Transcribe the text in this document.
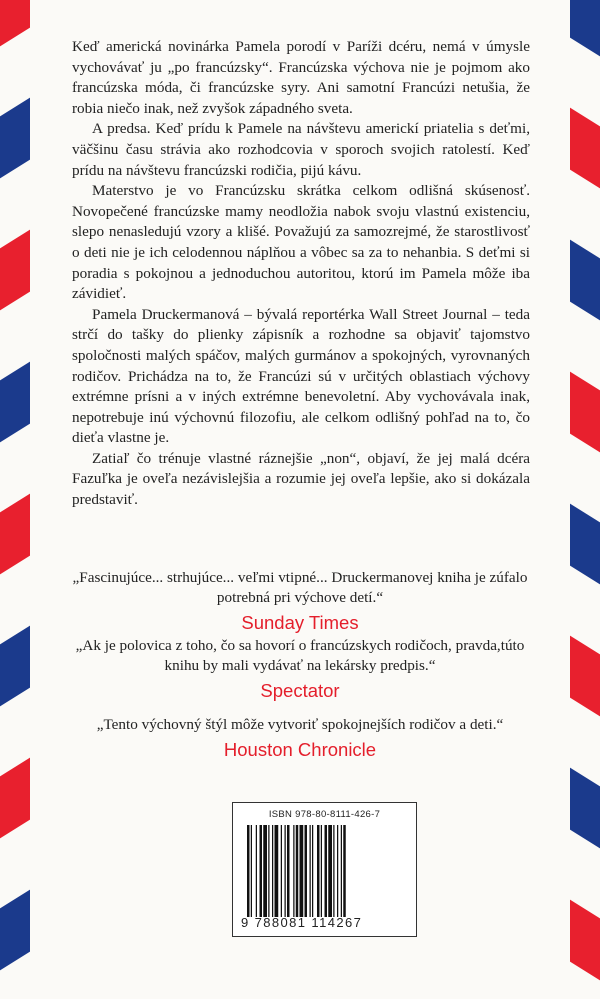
Keď americká novinárka Pamela porodí v Paríži dcéru, nemá v úmysle vychovávať ju „po francúzsky“. Francúzska výchova nie je pojmom ako francúzska móda, či francúzske syry. Ani samotní Francúzi netušia, že robia niečo inak, než zvyšok západného sveta.

A predsa. Keď prídu k Pamele na návštevu americkí priatelia s deťmi, väčšinu času strávia ako rozhodcovia v sporoch svojich ratolestí. Keď prídu na návštevu francúzski rodičia, pijú kávu.

Materstvo je vo Francúzsku skrátka celkom odlišná skúsenosť. Novopečené francúzske mamy neodložia nabok svoju vlastnú existenciu, slepo nenasledujú vzory a klišé. Považujú za samozrejmé, že starostlivosť o deti nie je ich celodennou náplňou a vôbec sa za to nehanbia. S deťmi si poradia s pokojnou a jednoduchou autoritou, ktorú im Pamela môže iba závidieť.

Pamela Druckermanová – bývalá reportérka Wall Street Journal – teda strčí do tašky do plienky zápisník a rozhodne sa objaviť tajomstvo spoločnosti malých spáčov, malých gurmánov a spokojných, vyrovnaných rodičov. Prichádza na to, že Francúzi sú v určitých oblastiach výchovy extrémne prísni a v iných extrémne benevoletní. Aby vychovávala inak, nepotrebuje inú výchovnú filozofiu, ale celkom odlišný pohľad na to, čo dieťa vlastne je.

Zatiaľ čo trénuje vlastné ráznejšie „non“, objaví, že jej malá dcéra Fazuľka je oveľa nezávislejšia a rozumie jej oveľa lepšie, ako si dokázala predstaviť.

„Fascinujúce... strhujúce... veľmi vtipné... Druckermanovej kniha je zúfalo potrebná pri výchove detí.“
Sunday Times
„Ak je polovica z toho, čo sa hovorí o francúzskych rodičoch, pravda,túto knihu by mali vydávať na lekársky predpis.“
Spectator
„Tento výchovný štýl môže vytvoriť spokojnejších rodičov a deti.“
Houston Chronicle
ISBN 978-80-8111-426-7
9 788081 114267
